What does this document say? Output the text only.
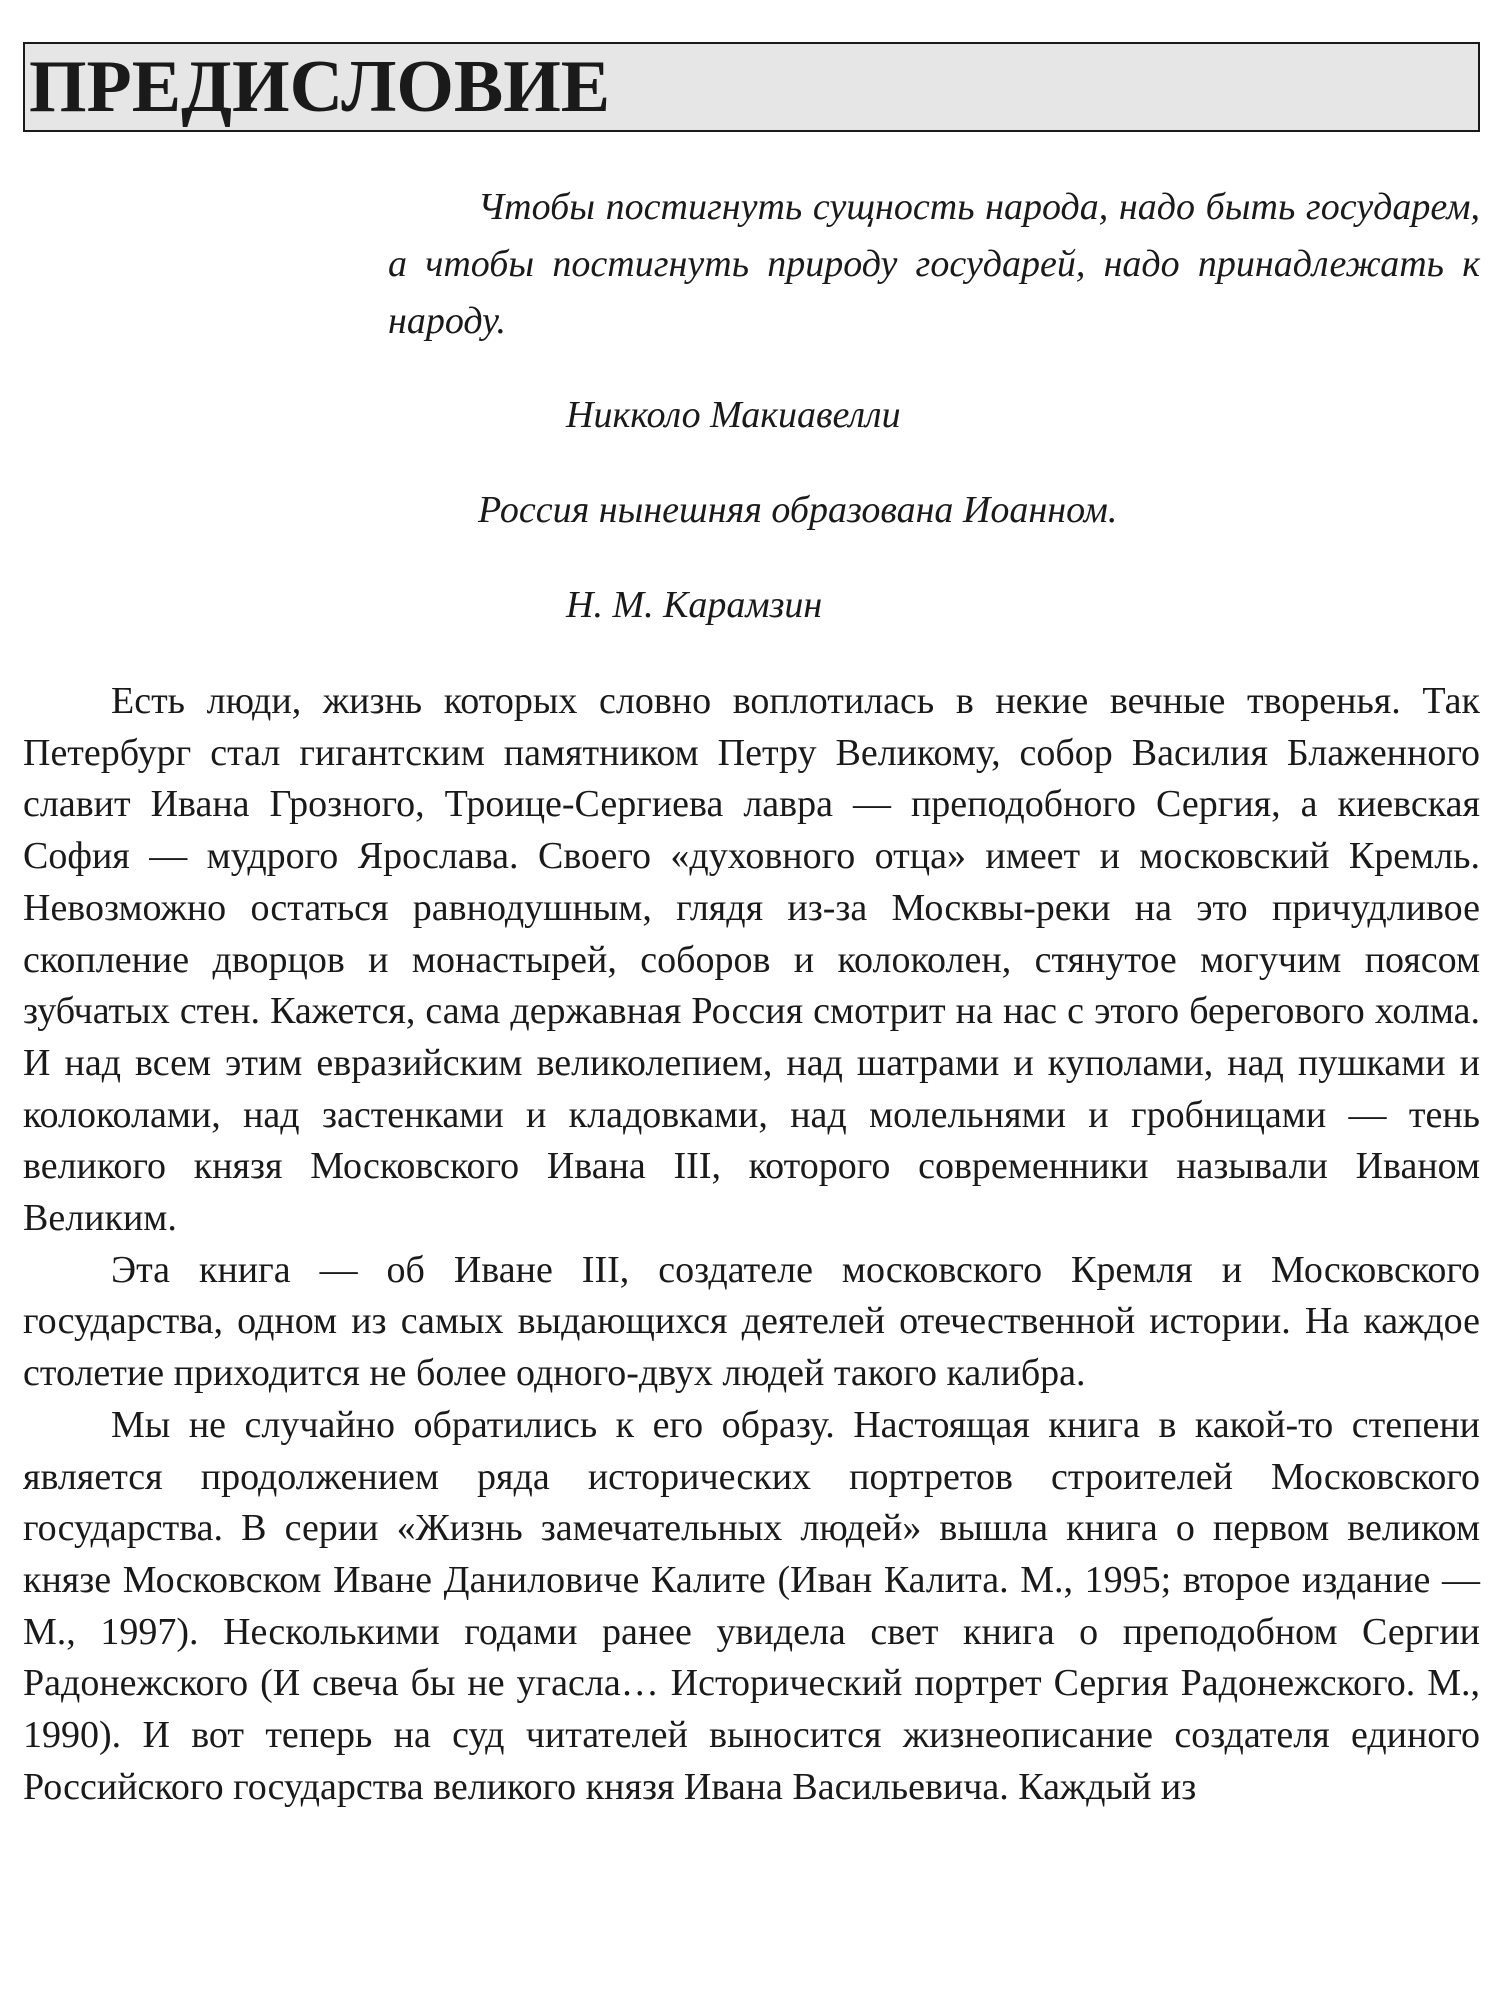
ПРЕДИСЛОВИЕ

Чтобы постигнуть сущность народа, надо быть государем, а чтобы постигнуть природу государей, надо принадлежать к народу.

Никколо Макиавелли
Россия нынешняя образована Иоанном.
Н. М. Карамзин

Есть люди, жизнь которых словно воплотилась в некие вечные творенья. Так Петербург стал гигантским памятником Петру Великому, собор Василия Блаженного славит Ивана Грозного, Троице-Сергиева лавра — преподобного Сергия, а киевская София — мудрого Ярослава. Своего «духовного отца» имеет и московский Кремль. Невозможно остаться равнодушным, глядя из-за Москвы-реки на это причудливое скопление дворцов и монастырей, соборов и колоколен, стянутое могучим поясом зубчатых стен. Кажется, сама державная Россия смотрит на нас с этого берегового холма. И над всем этим евразийским великолепием, над шатрами и куполами, над пушками и колоколами, над застенками и кладовками, над молельнями и гробницами — тень великого князя Московского Ивана III, которого современники называли Иваном Великим.

Эта книга — об Иване III, создателе московского Кремля и Московского государства, одном из самых выдающихся деятелей отечественной истории. На каждое столетие приходится не более одного-двух людей такого калибра.

Мы не случайно обратились к его образу. Настоящая книга в какой-то степени является продолжением ряда исторических портретов строителей Московского государства. В серии «Жизнь замечательных людей» вышла книга о первом великом князе Московском Иване Даниловиче Калите (Иван Калита. М., 1995; второе издание — М., 1997). Несколькими годами ранее увидела свет книга о преподобном Сергии Радонежского (И свеча бы не угасла… Исторический портрет Сергия Радонежского. М., 1990). И вот теперь на суд читателей выносится жизнеописание создателя единого Российского государства великого князя Ивана Васильевича. Каждый из
